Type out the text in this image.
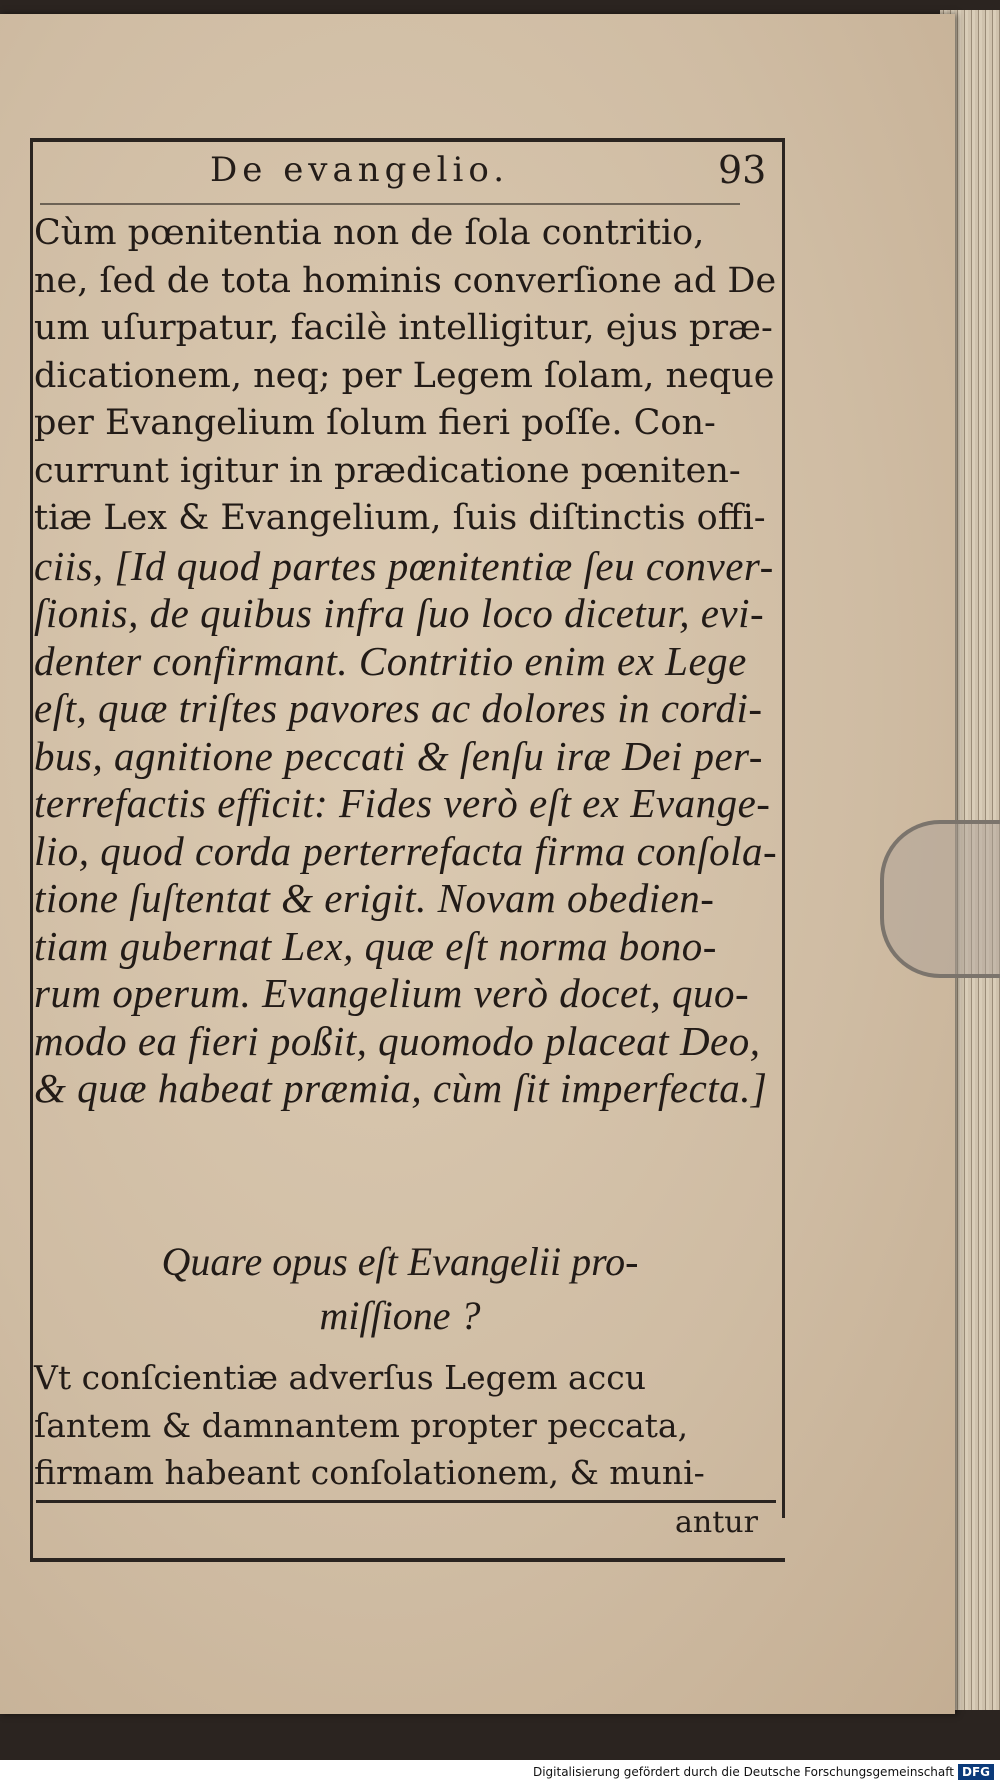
De evangelio.	93
Cùm pœnitentia non de ſola contritio,
ne, ſed de tota hominis converſione ad De
um uſurpatur, facilè intelligitur, ejus præ-
dicationem, neq; per Legem ſolam, neque
per Evangelium ſolum fieri poſſe. Con-
currunt igitur in prædicatione pœniten-
tiæ Lex & Evangelium, ſuis diſtinctis offi-
ciis, [Id quod partes pœnitentiæ ſeu conver-
ſionis, de quibus infra ſuo loco dicetur, evi-
denter confirmant. Contritio enim ex Lege
eſt, quæ triſtes pavores ac dolores in cordi-
bus, agnitione peccati & ſenſu iræ Dei per-
terrefactis efficit: Fides verò eſt ex Evange-
lio, quod corda perterrefacta firma conſola-
tione ſuſtentat & erigit. Novam obedien-
tiam gubernat Lex, quæ eſt norma bono-
rum operum. Evangelium verò docet, quo-
modo ea fieri poßit, quomodo placeat Deo,
& quæ habeat præmia, cùm ſit imperfecta.]
Quare opus eſt Evangelii pro-
miſſione ?
Vt conſcientiæ adverſus Legem accu
ſantem & damnantem propter peccata,
firmam habeant conſolationem, & muni-
antur
Digitalisierung gefördert durch die Deutsche Forschungsgemeinschaft DFG
